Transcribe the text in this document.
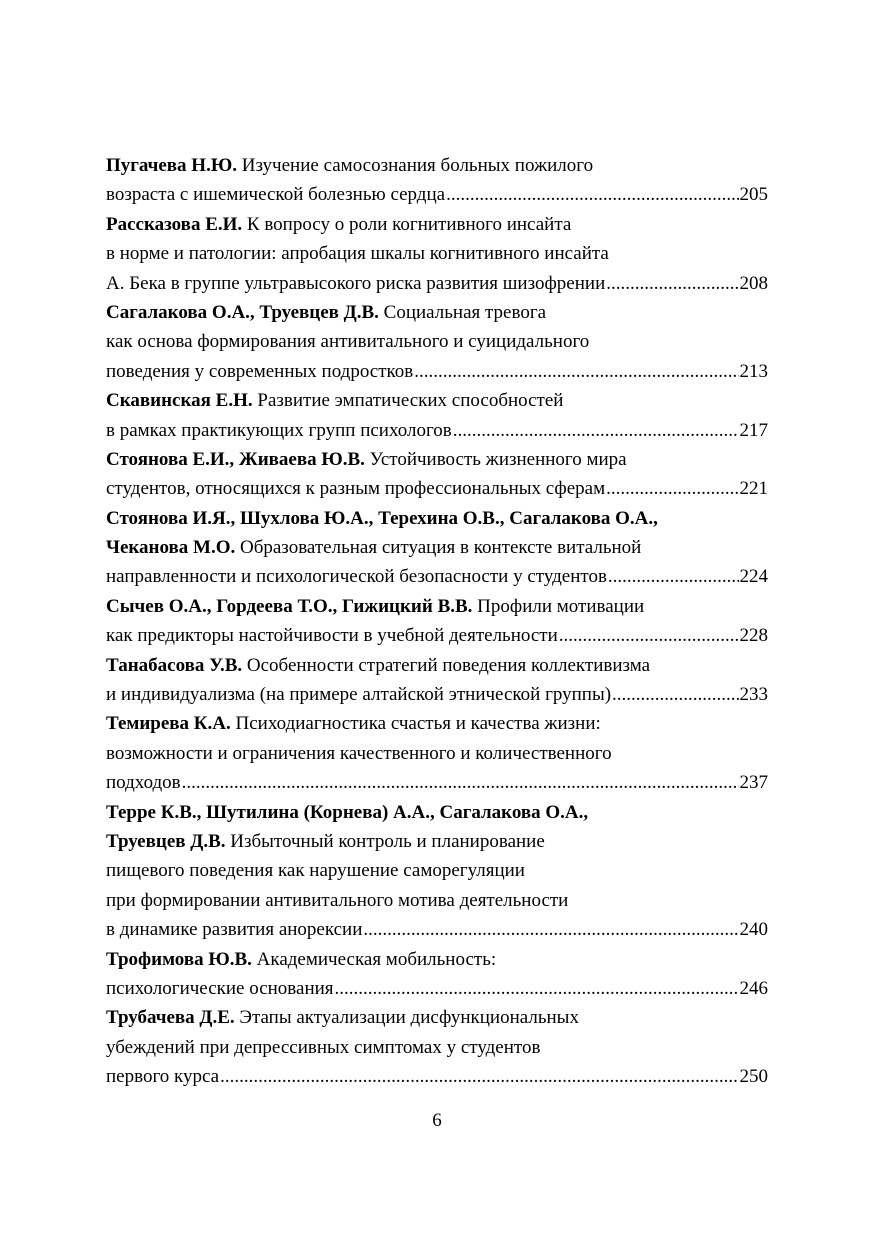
Пугачева Н.Ю. Изучение самосознания больных пожилого
возраста с ишемической болезнью сердца .....	205
Рассказова Е.И. К вопросу о роли когнитивного инсайта
в норме и патологии: апробация шкалы когнитивного инсайта
А. Бека в группе ультравысокого риска развития шизофрении .....	208
Сагалакова О.А., Труевцев Д.В. Социальная тревога
как основа формирования антивитального и суицидального
поведения у современных подростков .....	213
Скавинская Е.Н. Развитие эмпатических способностей
в рамках практикующих групп психологов .....	217
Стоянова Е.И., Живаева Ю.В. Устойчивость жизненного мира
студентов, относящихся к разным профессиональных сферам .....	221
Стоянова И.Я., Шухлова Ю.А., Терехина О.В., Сагалакова О.А.,
Чеканова М.О. Образовательная ситуация в контексте витальной
направленности и психологической безопасности у студентов .....	224
Сычев О.А., Гордеева Т.О., Гижицкий В.В. Профили мотивации
как предикторы настойчивости в учебной деятельности .....	228
Танабасова У.В. Особенности стратегий поведения коллективизма
и индивидуализма (на примере алтайской этнической группы) .....	233
Темирева К.А. Психодиагностика счастья и качества жизни:
возможности и ограничения качественного и количественного
подходов .....	237
Терре К.В., Шутилина (Корнева) А.А., Сагалакова О.А.,
Труевцев Д.В. Избыточный контроль и планирование
пищевого поведения как нарушение саморегуляции
при формировании антивитального мотива деятельности
в динамике развития анорексии .....	240
Трофимова Ю.В. Академическая мобильность:
психологические основания .....	246
Трубачева Д.Е. Этапы актуализации дисфункциональных
убеждений при депрессивных симптомах у студентов
первого курса .....	250
6
